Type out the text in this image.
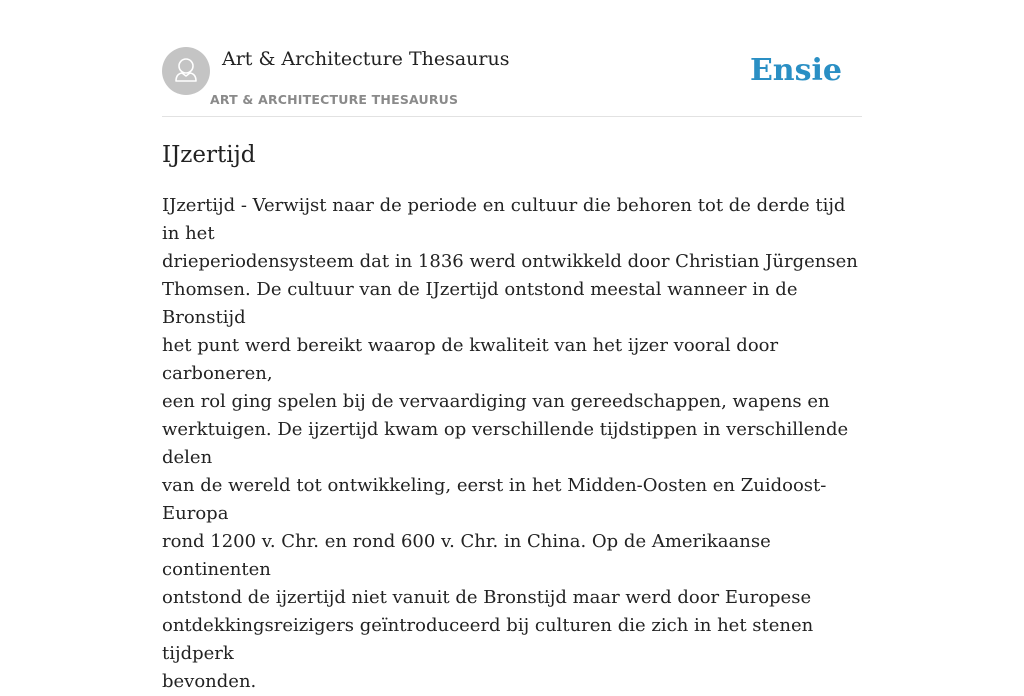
Art & Architecture Thesaurus
ART & ARCHITECTURE THESAURUS
Ensie
IJzertijd

IJzertijd - Verwijst naar de periode en cultuur die behoren tot de derde tijd in het
drieperiodensysteem dat in 1836 werd ontwikkeld door Christian Jürgensen
Thomsen. De cultuur van de IJzertijd ontstond meestal wanneer in de Bronstijd
het punt werd bereikt waarop de kwaliteit van het ijzer vooral door carboneren,
een rol ging spelen bij de vervaardiging van gereedschappen, wapens en
werktuigen. De ijzertijd kwam op verschillende tijdstippen in verschillende delen
van de wereld tot ontwikkeling, eerst in het Midden-Oosten en Zuidoost-Europa
rond 1200 v. Chr. en rond 600 v. Chr. in China. Op de Amerikaanse continenten
ontstond de ijzertijd niet vanuit de Bronstijd maar werd door Europese
ontdekkingsreizigers geïntroduceerd bij culturen die zich in het stenen tijdperk
bevonden.
